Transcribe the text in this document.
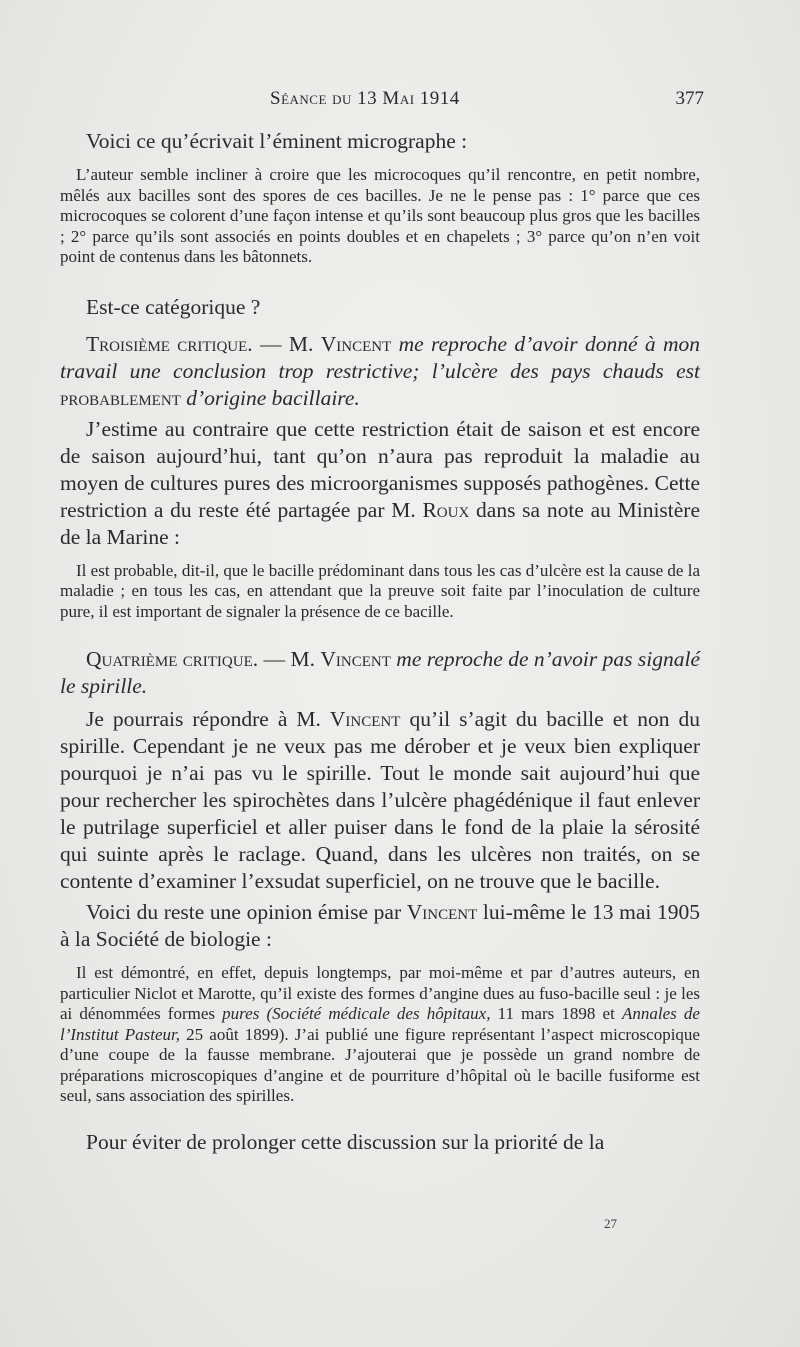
Séance du 13 Mai 1914	377

Voici ce qu’écrivait l’éminent micrographe :

L’auteur semble incliner à croire que les microcoques qu’il rencontre, en petit nombre, mêlés aux bacilles sont des spores de ces bacilles. Je ne le pense pas : 1° parce que ces microcoques se colorent d’une façon intense et qu’ils sont beaucoup plus gros que les bacilles ; 2° parce qu’ils sont associés en points doubles et en chapelets ; 3° parce qu’on n’en voit point de contenus dans les bâtonnets.

Est-ce catégorique ?

Troisième critique. — M. Vincent me reproche d’avoir donné à mon travail une conclusion trop restrictive; l’ulcère des pays chauds est probablement d’origine bacillaire.

J’estime au contraire que cette restriction était de saison et est encore de saison aujourd’hui, tant qu’on n’aura pas reproduit la maladie au moyen de cultures pures des microorganismes supposés pathogènes. Cette restriction a du reste été partagée par M. Roux dans sa note au Ministère de la Marine :

Il est probable, dit-il, que le bacille prédominant dans tous les cas d’ulcère est la cause de la maladie ; en tous les cas, en attendant que la preuve soit faite par l’inoculation de culture pure, il est important de signaler la présence de ce bacille.

Quatrième critique. — M. Vincent me reproche de n’avoir pas signalé le spirille.

Je pourrais répondre à M. Vincent qu’il s’agit du bacille et non du spirille. Cependant je ne veux pas me dérober et je veux bien expliquer pourquoi je n’ai pas vu le spirille. Tout le monde sait aujourd’hui que pour rechercher les spirochètes dans l’ulcère phagédénique il faut enlever le putrilage superficiel et aller puiser dans le fond de la plaie la sérosité qui suinte après le raclage. Quand, dans les ulcères non traités, on se contente d’examiner l’exsudat superficiel, on ne trouve que le bacille.

Voici du reste une opinion émise par Vincent lui-même le 13 mai 1905 à la Société de biologie :

Il est démontré, en effet, depuis longtemps, par moi-même et par d’autres auteurs, en particulier Niclot et Marotte, qu’il existe des formes d’angine dues au fuso-bacille seul : je les ai dénommées formes pures (Société médicale des hôpitaux, 11 mars 1898 et Annales de l’Institut Pasteur, 25 août 1899). J’ai publié une figure représentant l’aspect microscopique d’une coupe de la fausse membrane. J’ajouterai que je possède un grand nombre de préparations microscopiques d’angine et de pourriture d’hôpital où le bacille fusiforme est seul, sans association des spirilles.

Pour éviter de prolonger cette discussion sur la priorité de la

27
